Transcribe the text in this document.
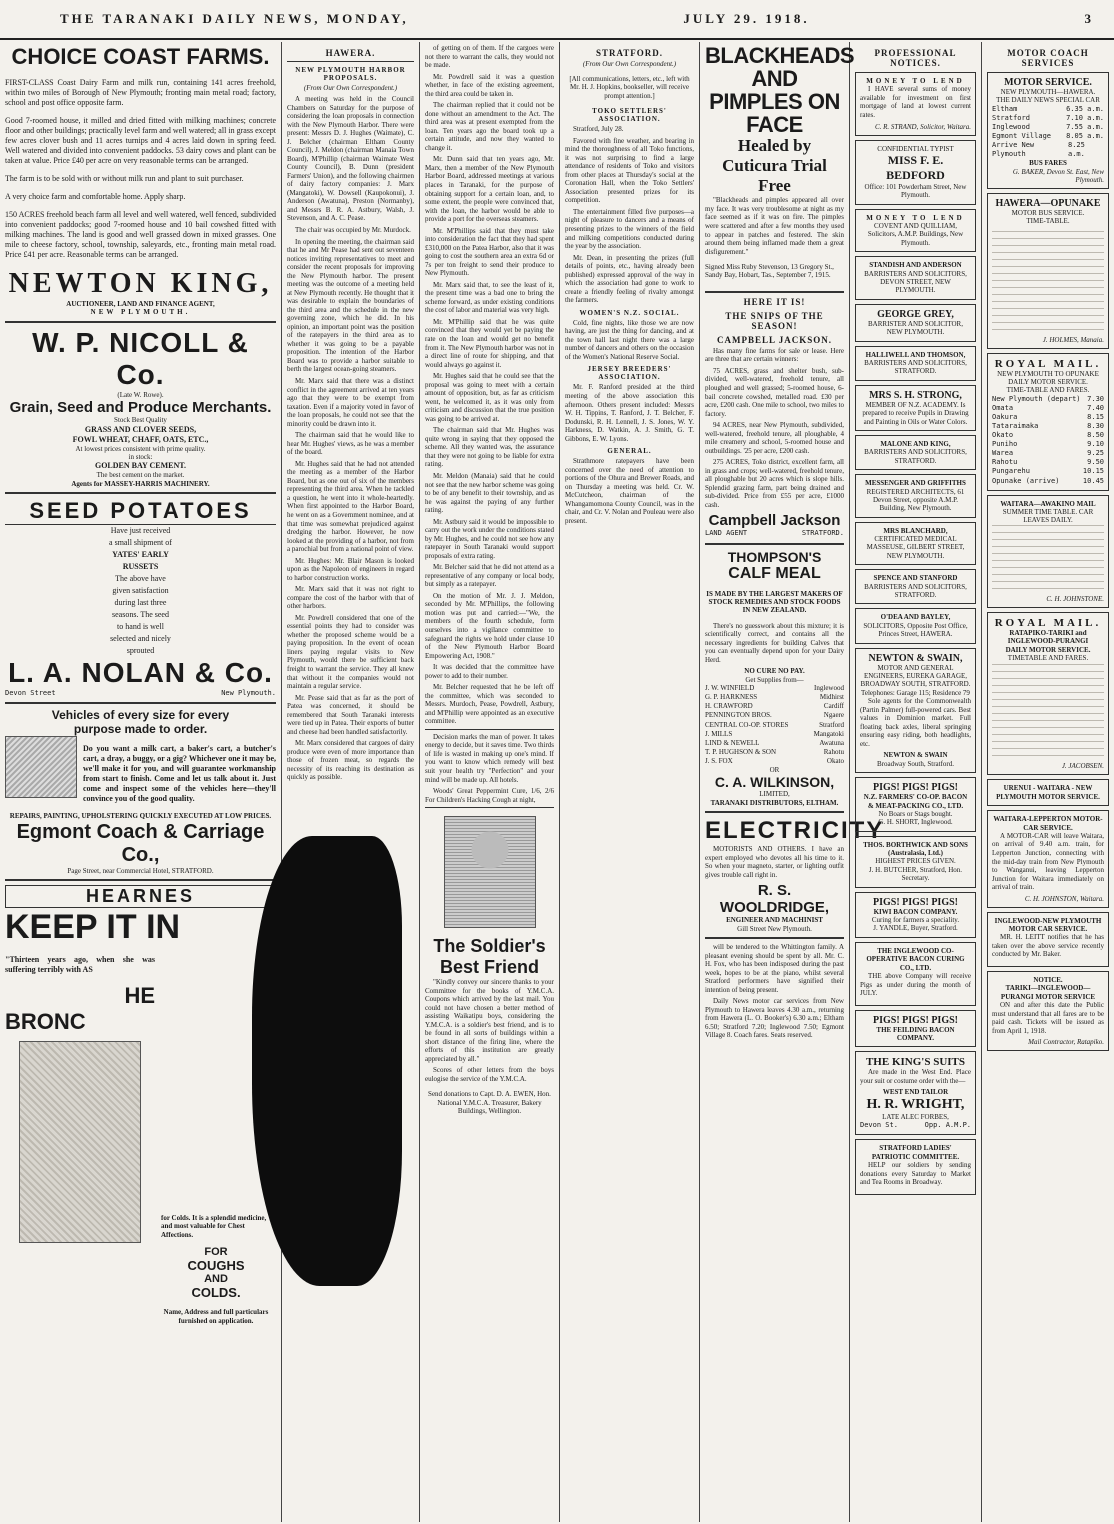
THE TARANAKI DAILY NEWS, MONDAY,	JULY 29. 1918.	3
CHOICE COAST FARMS.

FIRST-CLASS Coast Dairy Farm and milk run, containing 141 acres freehold, within two miles of Borough of New Plymouth; fronting main metal road; factory, school and post office opposite farm.

Good 7-roomed house, it milled and dried fitted with milking machines; concrete floor and other buildings; practically level farm and well watered; all in grass except few acres clover bush and 11 acres turnips and 4 acres laid down in spring feed. Well watered and divided into convenient paddocks. 53 dairy cows and plant can be taken at value. Price £40 per acre on very reasonable terms can be arranged.

The farm is to be sold with or without milk run and plant to suit purchaser.

A very choice farm and comfortable home. Apply sharp.

150 ACRES freehold beach farm all level and well watered, well fenced, subdivided into convenient paddocks; good 7-roomed house and 10 bail cowshed fitted with milking machines. The land is good and well grassed down in mixed grasses. One mile to cheese factory, school, township, saleyards, etc., fronting main metal road. Price £41 per acre. Reasonable terms can be arranged.

NEWTON KING,
AUCTIONEER, LAND AND FINANCE AGENT,
NEW PLYMOUTH.
W. P. NICOLL & Co.
(Late W. Rowe).
Grain, Seed and Produce Merchants.
Stock Best Quality
GRASS AND CLOVER SEEDS,
FOWL WHEAT, CHAFF, OATS, ETC.,
At lowest prices consistent with prime quality.
in stock:
GOLDEN BAY CEMENT.
The best cement on the market.
Agents for MASSEY-HARRIS MACHINERY.
SEED POTATOES
Have just received
a small shipment of
YATES' EARLY
RUSSETS
The above have
given satisfaction
during last three
seasons. The seed
to hand is well
selected and nicely
sprouted
L. A. NOLAN & Co.
Devon Street	New Plymouth.
Vehicles of every size for every
purpose made to order.

Do you want a milk cart, a baker's cart, a butcher's cart, a dray, a buggy, or a gig? Whichever one it may be, we'll make it for you, and will guarantee workmanship from start to finish. Come and let us talk about it. Just come and inspect some of the vehicles here—they'll convince you of the good quality.

REPAIRS, PAINTING, UPHOLSTERING QUICKLY EXECUTED AT LOW PRICES.
Egmont Coach & Carriage Co.,
Page Street, near Commercial Hotel, STRATFORD.
HEARNES
KEEP IT IN

"Thirteen years ago, when she was suffering terribly with AS

HE
BRONC

for Colds. It is a splendid medicine, and most valuable for Chest Affections.

FOR
COUGHS
AND
COLDS.

Name, Address and full particulars furnished on application.

HAWERA.
NEW PLYMOUTH HARBOR PROPOSALS.
(From Our Own Correspondent.)

A meeting was held in the Council Chambers on Saturday for the purpose of considering the loan proposals in connection with the New Plymouth Harbor. There were present: Messrs D. J. Hughes (Waimate), C. J. Belcher (chairman Eltham County Council), J. Meldon (chairman Manaia Town Board), M'Phillip (chairman Waimate West County Council), B. Dunn (president Farmers' Union), and the following chairmen of dairy factory companies: J. Marx (Mangatoki), W. Dowsell (Kaupokonui), J. Anderson (Awatuna), Preston (Normanby), and Messrs B. R. A. Astbury, Walsh, J. Stevenson, and A. C. Pease.

The chair was occupied by Mr. Murdock.

In opening the meeting, the chairman said that he and Mr Pease had sent out seventeen notices inviting representatives to meet and consider the recent proposals for improving the New Plymouth harbor. The present meeting was the outcome of a meeting held at New Plymouth recently. He thought that it was desirable to explain the boundaries of the third area and the schedule in the new governing zone, which he did. In his opinion, an important point was the position of the ratepayers in the third area as to whether it was going to be a payable proposition. The intention of the Harbor Board was to provide a harbor suitable to berth the largest ocean-going steamers.

Mr. Marx said that there was a distinct conflict in the agreement arrived at ten years ago that they were to be exempt from taxation. Even if a majority voted in favor of the loan proposals, he could not see that the minority could be drawn into it.

The chairman said that he would like to hear Mr. Hughes' views, as he was a member of the board.

Mr. Hughes said that he had not attended the meeting as a member of the Harbor Board, but as one out of six of the members representing the third area. When he tackled a question, he went into it whole-heartedly. When first appointed to the Harbor Board, he went on as a Government nominee, and at that time was somewhat prejudiced against dredging the harbor. However, he now looked at the providing of a harbor, not from a parochial but from a national point of view.

Mr. Hughes: Mr. Blair Mason is looked upon as the Napoleon of engineers in regard to harbor construction works.

Mr. Marx said that it was not right to compare the cost of the harbor with that of other harbors.

Mr. Powdrell considered that one of the essential points they had to consider was whether the proposed scheme would be a paying proposition. In the event of ocean liners paying regular visits to New Plymouth, would there be sufficient back freight to warrant the service. They all knew that without it the companies would not maintain a regular service.

Mr. Pease said that as far as the port of Patea was concerned, it should be remembered that South Taranaki interests were tied up in Patea. Their exports of butter and cheese had been handled satisfactorily.

Mr. Marx considered that cargoes of dairy produce were even of more importance than those of frozen meat, so regards the necessity of its reaching its destination as quickly as possible.

of getting on of them. If the cargoes were not there to warrant the calls, they would not be made.

Mr. Powdrell said it was a question whether, in face of the existing agreement, the third area could be taken in.

The chairman replied that it could not be done without an amendment to the Act. The third area was at present exempted from the loan. Ten years ago the board took up a certain attitude, and now they wanted to change it.

Mr. Dunn said that ten years ago, Mr. Marx, then a member of the New Plymouth Harbor Board, addressed meetings at various places in Taranaki, for the purpose of obtaining support for a certain loan, and, to some extent, the people were convinced that, with the loan, the harbor would be able to provide a port for the overseas steamers.

Mr. M'Phillips said that they must take into consideration the fact that they had spent £310,000 on the Patea Harbor, also that it was going to cost the southern area an extra 6d or 7s per ton freight to send their produce to New Plymouth.

Mr. Marx said that, to see the least of it, the present time was a bad one to bring the scheme forward, as under existing conditions the cost of labor and material was very high.

Mr. M'Phillip said that he was quite convinced that they would yet be paying the rate on the loan and would get no benefit from it. The New Plymouth harbor was not in a direct line of route for shipping, and that would always go against it.

Mr. Hughes said that he could see that the proposal was going to meet with a certain amount of opposition, but, as far as criticism went, he welcomed it, as it was only from criticism and discussion that the true position was going to be arrived at.

The chairman said that Mr. Hughes was quite wrong in saying that they opposed the scheme. All they wanted was, the assurance that they were not going to be liable for extra rating.

Mr. Meldon (Manaia) said that he could not see that the new harbor scheme was going to be of any benefit to their township, and as he was against the paying of any further rating.

Mr. Astbury said it would be impossible to carry out the work under the conditions stated by Mr. Hughes, and he could not see how any ratepayer in South Taranaki would support proposals of extra rating.

Mr. Belcher said that he did not attend as a representative of any company or local body, but simply as a ratepayer.

On the motion of Mr. J. J. Meldon, seconded by Mr. M'Phillips, the following motion was put and carried:—"We, the members of the fourth schedule, form ourselves into a vigilance committee to safeguard the rights we hold under clause 10 of the New Plymouth Harbor Board Empowering Act, 1908."

It was decided that the committee have power to add to their number.

Mr. Belcher requested that he be left off the committee, which was seconded to Messrs. Murdoch, Pease, Powdrell, Astbury, and M'Phillip were appointed as an executive committee.

Decision marks the man of power. It takes energy to decide, but it saves time. Two thirds of life is wasted in making up one's mind. If you want to know which remedy will best suit your health try "Perfection" and your mind will be made up. All hotels.

Woods' Great Peppermint Cure, 1/6, 2/6 For Children's Hacking Cough at night,

The Soldier's Best Friend

"Kindly convey our sincere thanks to your Committee for the books of Y.M.C.A. Coupons which arrived by the last mail. You could not have chosen a better method of assisting Waikatipu boys, considering the Y.M.C.A. is a soldier's best friend, and is to be found in all sorts of buildings within a short distance of the firing line, where the efforts of this institution are greatly appreciated by all."

Scores of other letters from the boys eulogise the service of the Y.M.C.A.

Send donations to Capt. D. A. EWEN, Hon. National Y.M.C.A. Treasurer, Bakery Buildings, Wellington.

STRATFORD.
(From Our Own Correspondent.)

[All communications, letters, etc., left with Mr. H. J. Hopkins, bookseller, will receive prompt attention.]

TOKO SETTLERS' ASSOCIATION.

Stratford, July 28.

Favored with fine weather, and bearing in mind the thoroughness of all Toko functions, it was not surprising to find a large attendance of residents of Toko and visitors from other places at Thursday's social at the Coronation Hall, when the Toko Settlers' Association presented prizes for its competition.

The entertainment filled five purposes—a night of pleasure to dancers and a means of presenting prizes to the winners of the field and milking competitions conducted during the year by the association.

Mr. Dean, in presenting the prizes (full details of points, etc., having already been published) expressed approval of the way in which the association had gone to work to create a friendly feeling of rivalry amongst the farmers.

WOMEN'S N.Z. SOCIAL.

Cold, fine nights, like those we are now having, are just the thing for dancing, and at the town hall last night there was a large number of dancers and others on the occasion of the Women's National Reserve Social.

JERSEY BREEDERS' ASSOCIATION.

Mr. F. Ranford presided at the third meeting of the above association this afternoon. Others present included: Messrs W. H. Tippins, T. Ranford, J. T. Belcher, F. Dodunski, R. H. Lennell, J. S. Jones, W. Y. Harkness, D. Watkin, A. J. Smith, G. T. Gibbons, E. W. Lyons.

GENERAL.

Strathmore ratepayers have been concerned over the need of attention to portions of the Ohura and Brewer Roads, and on Thursday a meeting was held. Cr. W. McCutcheon, chairman of the Whangamomona County Council, was in the chair, and Cr. V. Nolan and Pouleau were also present.

BLACKHEADS AND PIMPLES ON FACE
Healed by Cuticura Trial Free

"Blackheads and pimples appeared all over my face. It was very troublesome at night as my face seemed as if it was on fire. The pimples were scattered and after a few months they used to appear in patches and festered. The skin around them being inflamed made them a great disfigurement."

Signed Miss Ruby Stevenson, 13 Gregory St., Sandy Bay, Hobart, Tas., September 7, 1915.

HERE IT IS!
THE SNIPS OF THE SEASON!
CAMPBELL JACKSON.

Has many fine farms for sale or lease. Here are three that are certain winners:

75 ACRES, grass and shelter bush, sub-divided, well-watered, freehold tenure, all ploughed and well grassed; 5-roomed house, 6-bail concrete cowshed, metalled road. £30 per acre, £200 cash. One mile to school, two miles to factory.

94 ACRES, near New Plymouth, subdivided, well-watered, freehold tenure, all ploughable, 4 mile creamery and school, 5-roomed house and outbuildings. '25 per acre, £200 cash.

275 ACRES, Toko district, excellent farm, all in grass and crops; well-watered, freehold tenure, all ploughable but 20 acres which is slope hills. Splendid grazing farm, part being drained and sub-divided. Price from £55 per acre, £1000 cash.

Campbell Jackson
LAND AGENT	STRATFORD.
THOMPSON'S
CALF MEAL

IS MADE BY THE LARGEST MAKERS OF STOCK REMEDIES AND STOCK FOODS IN NEW ZEALAND.

There's no guesswork about this mixture; it is scientifically correct, and contains all the necessary ingredients for building Calves that you can eventually depend upon for your Dairy Herd.

NO CURE NO PAY.
Get Supplies from—
J. W. WINFIELD	Inglewood
G. P. HARKNESS	Midhirst
H. CRAWFORD	Cardiff
PENNINGTON BROS.	Ngaere
CENTRAL CO-OP. STORES	Stratford
J. MILLS	Mangatoki
LIND & NEWELL	Awatuna
T. P. HUGHSON & SON	Rahotu
J. S. FOX	Okato
OR
C. A. WILKINSON,
LIMITED,
TARANAKI DISTRIBUTORS, ELTHAM.
ELECTRICITY

MOTORISTS AND OTHERS. I have an expert employed who devotes all his time to it. So when your magneto, starter, or lighting outfit gives trouble call right in.

R. S. WOOLDRIDGE,
ENGINEER AND MACHINIST
Gill Street New Plymouth.

will be tendered to the Whittington family. A pleasant evening should be spent by all. Mr. C. H. Fox, who has been indisposed during the past week, hopes to be at the piano, whilst several Stratford performers have signified their intention of being present.

Daily News motor car services from New Plymouth to Hawera leaves 4.30 a.m., returning from Hawera (L. O. Booker's) 6.30 a.m.; Eltham 6.50; Stratford 7.20; Inglewood 7.50; Egmont Village 8. Coach fares. Seats reserved.

PROFESSIONAL NOTICES.
MONEY TO LEND

I HAVE several sums of money available for investment on first mortgage of land at lowest current rates.

C. R. STRAND, Solicitor, Waitara.
CONFIDENTIAL TYPIST
MISS F. E. BEDFORD
Office: 101 Powderham Street, New Plymouth.
MONEY TO LEND
COVENT AND QUILLIAM, Solicitors, A.M.P. Buildings, New Plymouth.
STANDISH AND ANDERSON
BARRISTERS AND SOLICITORS, DEVON STREET, NEW PLYMOUTH.
GEORGE GREY,
BARRISTER AND SOLICITOR, NEW PLYMOUTH.
HALLIWELL AND THOMSON,
BARRISTERS AND SOLICITORS, STRATFORD.
MRS S. H. STRONG,
MEMBER OF N.Z. ACADEMY. Is prepared to receive Pupils in Drawing and Painting in Oils or Water Colors.
MALONE AND KING,
BARRISTERS AND SOLICITORS, STRATFORD.
MESSENGER AND GRIFFITHS
REGISTERED ARCHITECTS, 61 Devon Street, opposite A.M.P. Building, New Plymouth.
MRS BLANCHARD,
CERTIFICATED MEDICAL MASSEUSE, GILBERT STREET, NEW PLYMOUTH.
SPENCE AND STANFORD
BARRISTERS AND SOLICITORS, STRATFORD.
O'DEA AND BAYLEY,
SOLICITORS, Opposite Post Office, Princes Street, HAWERA.
NEWTON & SWAIN,
MOTOR AND GENERAL ENGINEERS, EUREKA GARAGE, BROADWAY SOUTH, STRATFORD.
Telephones: Garage 115; Residence 79

Sole agents for the Commonwealth (Partin Palmer) full-powered cars. Best values in Dominion market. Full floating back axles, liberal springing ensuring easy riding, both headlights, etc.

NEWTON & SWAIN
Broadway South, Stratford.
PIGS! PIGS! PIGS!
N.Z. FARMERS' CO-OP. BACON & MEAT-PACKING CO., LTD.
No Boars or Stags bought.
G. H. SHORT, Inglewood.
THOS. BORTHWICK AND SONS (Australasia, Ltd.)
HIGHEST PRICES GIVEN.
J. H. BUTCHER, Stratford, Hon. Secretary.
PIGS! PIGS! PIGS!
KIWI BACON COMPANY.
Curing for farmers a speciality.
J. YANDLE, Buyer, Stratford.
THE INGLEWOOD CO-OPERATIVE BACON CURING CO., LTD.

THE above Company will receive Pigs as under during the month of JULY.

PIGS! PIGS! PIGS!
THE FEILDING BACON COMPANY.
THE KING'S SUITS

Are made in the West End. Place your suit or costume order with the—

WEST END TAILOR
H. R. WRIGHT,
LATE ALEC FORBES,
Devon St.	Opp. A.M.P.
STRATFORD LADIES' PATRIOTIC COMMITTEE.

HELP our soldiers by sending donations every Saturday to Market and Tea Rooms in Broadway.

MOTOR COACH SERVICES
MOTOR SERVICE.
NEW PLYMOUTH—HAWERA.
THE DAILY NEWS SPECIAL CAR
Eltham	6.35 a.m.
Stratford	7.10 a.m.
Inglewood	7.55 a.m.
Egmont Village 8.05 a.m.
Arrive New Plymouth
8.25 a.m.
BUS FARES
G. BAKER, Devon St. East, New Plymouth.
HAWERA—OPUNAKE
MOTOR BUS SERVICE.
TIME-TABLE.
J. HOLMES, Manaia.
ROYAL MAIL.
NEW PLYMOUTH TO OPUNAKE DAILY MOTOR SERVICE.
TIME-TABLE AND FARES.
New Plymouth (depart) 7.30
Omata	7.40
Oakura	8.15
Tataraimaka	8.30
Okato	8.50
Puniho	9.10
Warea	9.25
Rahotu	9.50
Pungarehu	10.15
Opunake (arrive)	10.45
WAITARA—AWAKINO MAIL
SUMMER TIME TABLE. CAR LEAVES DAILY.
C. H. JOHNSTONE.
ROYAL MAIL.
RATAPIKO-TARIKI and INGLEWOOD-PURANGI
DAILY MOTOR SERVICE.
TIMETABLE AND FARES.
J. JACOBSEN.
URENUI - WAITARA - NEW PLYMOUTH MOTOR SERVICE.
WAITARA-LEPPERTON MOTOR-CAR SERVICE.

A MOTOR-CAR will leave Waitara, on arrival of 9.40 a.m. train, for Lepperton Junction, connecting with the mid-day train from New Plymouth to Wanganui, leaving Lepperton Junction for Waitara immediately on arrival of train.

C. H. JOHNSTON, Waitara.
INGLEWOOD-NEW PLYMOUTH MOTOR CAR SERVICE.

MR. H. LEITT notifies that he has taken over the above service recently conducted by Mr. Baker.

NOTICE.
TARIKI—INGLEWOOD—PURANGI MOTOR SERVICE

ON and after this date the Public must understand that all fares are to be paid cash. Tickets will be issued as from April 1, 1918.

Mail Contractor, Ratapiko.
